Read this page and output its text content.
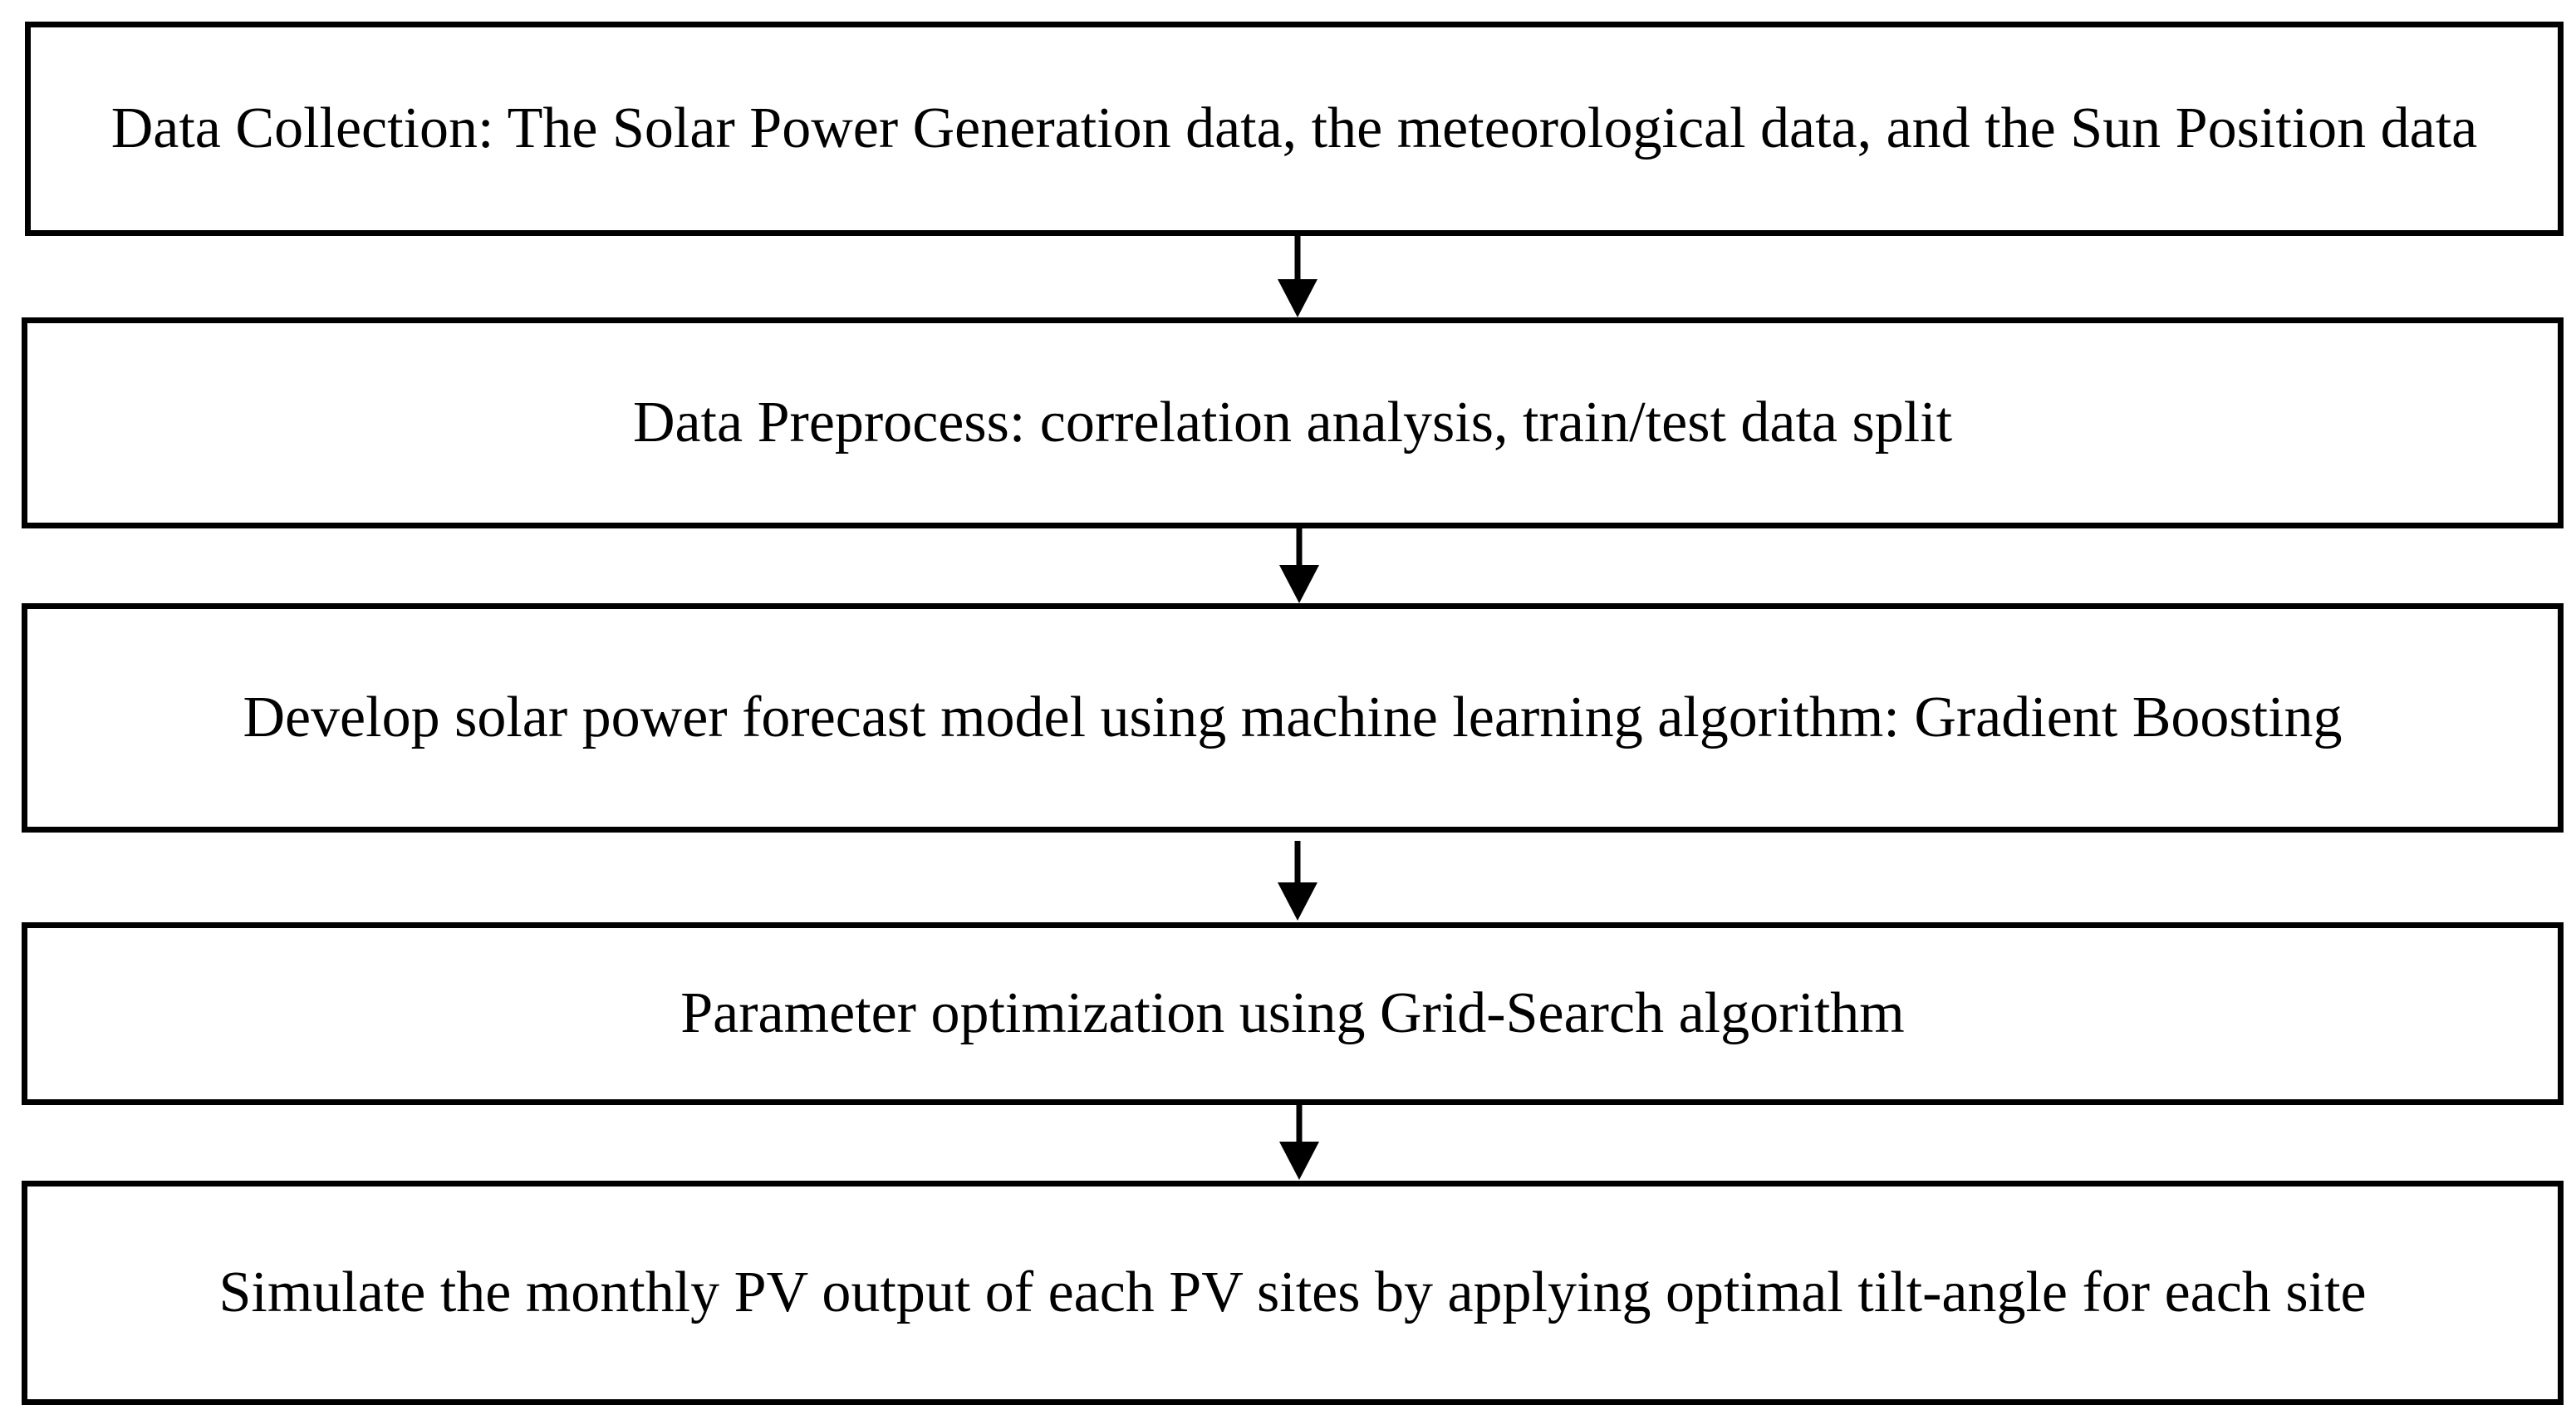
Data Collection: The Solar Power Generation data, the meteorological data, and the Sun Position data
Data Preprocess: correlation analysis, train/test data split
Develop solar power forecast model using machine learning algorithm: Gradient Boosting
Parameter optimization using Grid-Search algorithm
Simulate the monthly PV output of each PV sites by applying optimal tilt-angle for each site
